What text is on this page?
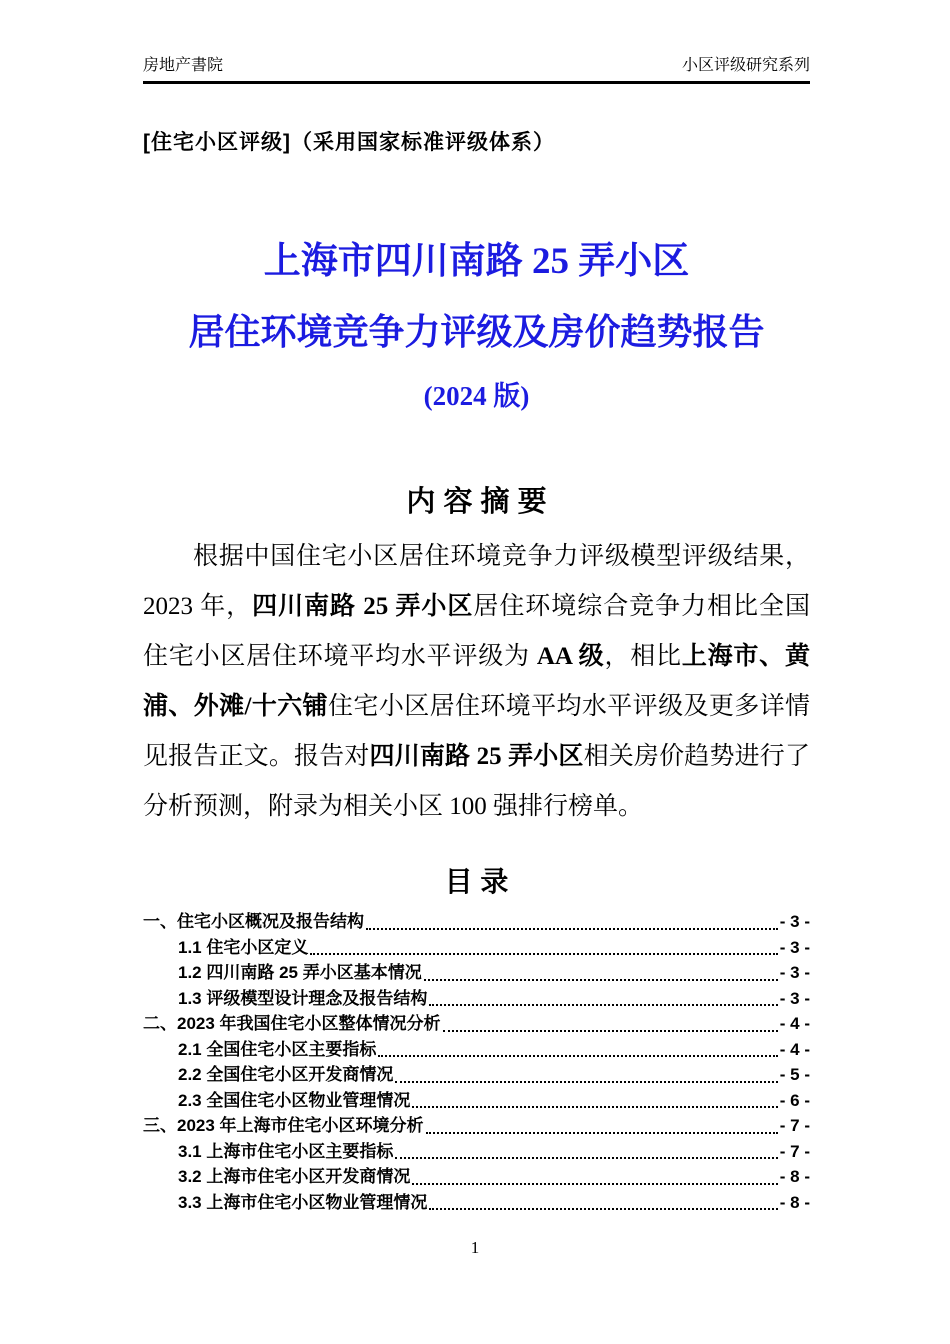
房地产書院	小区评级研究系列
[住宅小区评级]（采用国家标准评级体系）
上海市四川南路 25 弄小区
居住环境竞争力评级及房价趋势报告
(2024 版)
内 容 摘 要

根据中国住宅小区居住环境竞争力评级模型评级结果，2023 年，四川南路 25 弄小区居住环境综合竞争力相比全国住宅小区居住环境平均水平评级为 AA 级，相比上海市、黄浦、外滩/十六铺住宅小区居住环境平均水平评级及更多详情见报告正文。报告对四川南路 25 弄小区相关房价趋势进行了分析预测，附录为相关小区 100 强排行榜单。

目 录
一、住宅小区概况及报告结构	- 3 -
1.1 住宅小区定义	- 3 -
1.2 四川南路 25 弄小区基本情况	- 3 -
1.3 评级模型设计理念及报告结构	- 3 -
二、2023 年我国住宅小区整体情况分析	- 4 -
2.1 全国住宅小区主要指标	- 4 -
2.2 全国住宅小区开发商情况	- 5 -
2.3 全国住宅小区物业管理情况	- 6 -
三、2023 年上海市住宅小区环境分析	- 7 -
3.1 上海市住宅小区主要指标	- 7 -
3.2 上海市住宅小区开发商情况	- 8 -
3.3 上海市住宅小区物业管理情况	- 8 -
1
